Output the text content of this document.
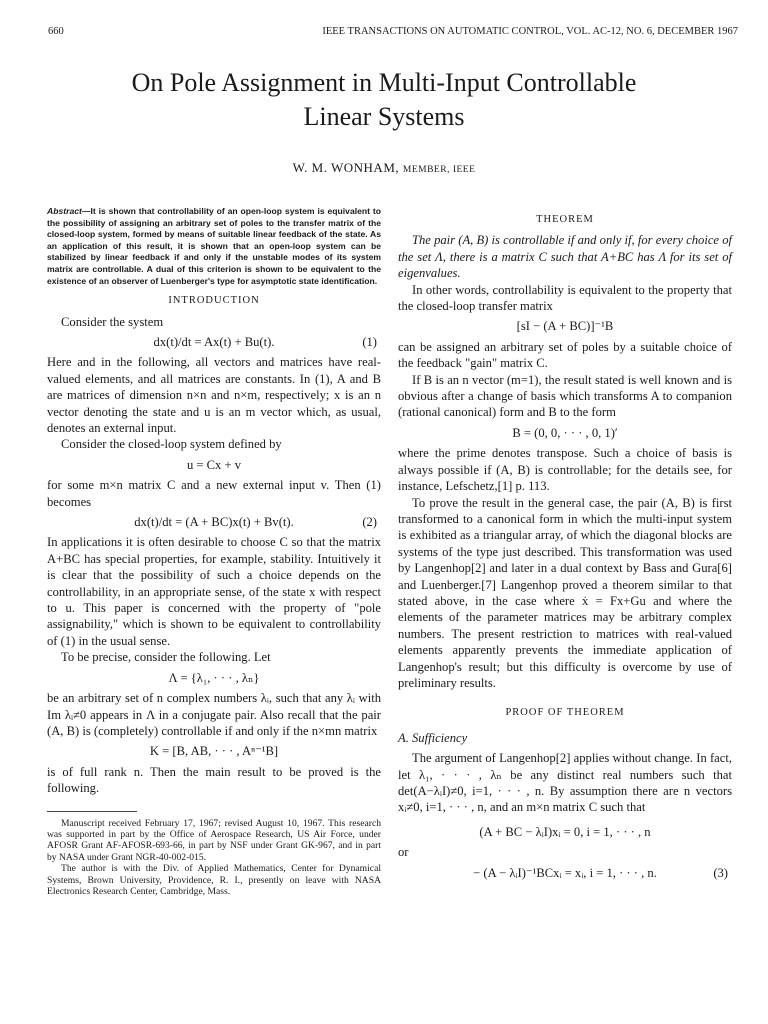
660	IEEE TRANSACTIONS ON AUTOMATIC CONTROL, VOL. AC-12, NO. 6, DECEMBER 1967
On Pole Assignment in Multi-Input Controllable
Linear Systems
W. M. WONHAM, MEMBER, IEEE

Abstract—It is shown that controllability of an open-loop system is equivalent to the possibility of assigning an arbitrary set of poles to the transfer matrix of the closed-loop system, formed by means of suitable linear feedback of the state. As an application of this result, it is shown that an open-loop system can be stabilized by linear feedback if and only if the unstable modes of its system matrix are controllable. A dual of this criterion is shown to be equivalent to the existence of an observer of Luenberger's type for asymptotic state identification.

INTRODUCTION

Consider the system

dx(t)/dt = Ax(t) + Bu(t).	(1)

Here and in the following, all vectors and matrices have real-valued elements, and all matrices are constants. In (1), A and B are matrices of dimension n×n and n×m, respectively; x is an n vector denoting the state and u is an m vector which, as usual, denotes an external input.

Consider the closed-loop system defined by

u = Cx + v

for some m×n matrix C and a new external input v. Then (1) becomes

dx(t)/dt = (A + BC)x(t) + Bv(t).	(2)

In applications it is often desirable to choose C so that the matrix A+BC has special properties, for example, stability. Intuitively it is clear that the possibility of such a choice depends on the controllability, in an appropriate sense, of the state x with respect to u. This paper is concerned with the property of "pole assignability," which is shown to be equivalent to controllability of (1) in the usual sense.

To be precise, consider the following. Let

Λ = {λ₁, · · · , λₙ}

be an arbitrary set of n complex numbers λᵢ, such that any λᵢ with Im λᵢ≠0 appears in Λ in a conjugate pair. Also recall that the pair (A, B) is (completely) controllable if and only if the n×mn matrix

K = [B, AB, · · · , Aⁿ⁻¹B]

is of full rank n. Then the main result to be proved is the following.

Manuscript received February 17, 1967; revised August 10, 1967. This research was supported in part by the Office of Aerospace Research, US Air Force, under AFOSR Grant AF-AFOSR-693-66, in part by NSF under Grant GK-967, and in part by NASA under Grant NGR-40-002-015.

The author is with the Div. of Applied Mathematics, Center for Dynamical Systems, Brown University, Providence, R. I., presently on leave with NASA Electronics Research Center, Cambridge, Mass.

THEOREM

The pair (A, B) is controllable if and only if, for every choice of the set Λ, there is a matrix C such that A+BC has Λ for its set of eigenvalues.

In other words, controllability is equivalent to the property that the closed-loop transfer matrix

[sI − (A + BC)]⁻¹B

can be assigned an arbitrary set of poles by a suitable choice of the feedback "gain" matrix C.

If B is an n vector (m=1), the result stated is well known and is obvious after a change of basis which transforms A to companion (rational canonical) form and B to the form

B = (0, 0, · · · , 0, 1)′

where the prime denotes transpose. Such a choice of basis is always possible if (A, B) is controllable; for the details see, for instance, Lefschetz,[1] p. 113.

To prove the result in the general case, the pair (A, B) is first transformed to a canonical form in which the multi-input system is exhibited as a triangular array, of which the diagonal blocks are systems of the type just described. This transformation was used by Langenhop[2] and later in a dual context by Bass and Gura[6] and Luenberger.[7] Langenhop proved a theorem similar to that stated above, in the case where ẋ = Fx+Gu and where the elements of the parameter matrices may be arbitrary complex numbers. The present restriction to matrices with real-valued elements apparently prevents the immediate application of Langenhop's result; but this difficulty is overcome by use of preliminary results.

PROOF OF THEOREM
A. Sufficiency

The argument of Langenhop[2] applies without change. In fact, let λ₁, · · · , λₙ be any distinct real numbers such that det(A−λᵢI)≠0, i=1, · · · , n. By assumption there are n vectors xᵢ≠0, i=1, · · · , n, and an m×n matrix C such that

(A + BC − λᵢI)xᵢ = 0, i = 1, · · · , n

or

− (A − λᵢI)⁻¹BCxᵢ = xᵢ, i = 1, · · · , n.	(3)
